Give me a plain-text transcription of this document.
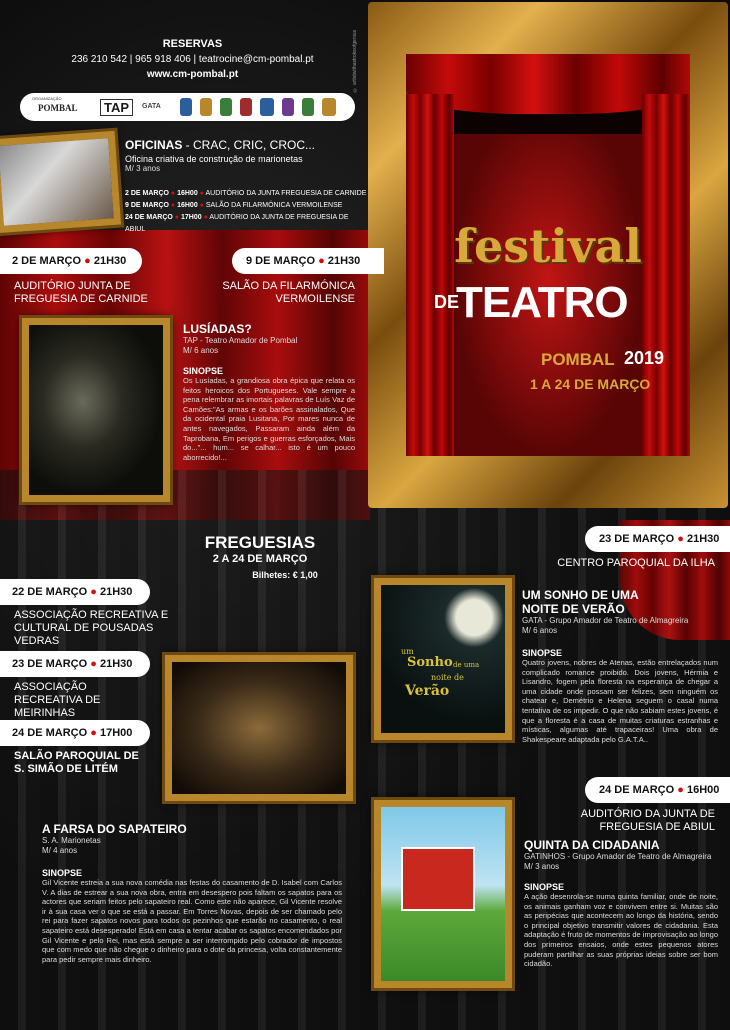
RESERVAS
236 210 542 | 965 918 406 | teatrocine@cm-pombal.pt
www.cm-pombal.pt	© artistwithastrokeofgenius
ORGANIZAÇÃO
POMBAL	TAP	GATA
OFICINAS - CRAC, CRIC, CROC...
Oficina criativa de construção de marionetas
M/ 3 anos
2 DE MARÇO ● 16H00 ● AUDITÓRIO DA JUNTA FREGUESIA DE CARNIDE
9 DE MARÇO ● 16H00 ● SALÃO DA FILARMÓNICA VERMOILENSE
24 DE MARÇO ● 17H00 ● AUDITÓRIO DA JUNTA DE FREGUESIA DE ABIUL	festival
DE
TEATRO
POMBAL 2019
1 A 24 DE MARÇO
2 DE MARÇO ● 21H30
AUDITÓRIO JUNTA DE FREGUESIA DE CARNIDE
9 DE MARÇO ● 21H30
SALÃO DA FILARMÓNICA VERMOILENSE
LUSÍADAS?
TAP - Teatro Amador de Pombal
M/ 6 anos
SINOPSE
Os Lusíadas, a grandiosa obra épica que relata os feitos heroicos dos Portugueses. Vale sempre a pena relembrar as imortais palavras de Luís Vaz de Camões:"As armas e os barões assinalados, Que da ocidental praia Lusitana, Por mares nunca de antes navegados, Passaram ainda além da Taprobana, Em perigos e guerras esforçados, Mais do..."... hum... se calhar... isto é um pouco aborrecido!...
FREGUESIAS
2 A 24 DE MARÇO
Bilhetes: € 1,00
22 DE MARÇO ● 21H30
ASSOCIAÇÃO RECREATIVA E CULTURAL DE POUSADAS VEDRAS
23 DE MARÇO ● 21H30
ASSOCIAÇÃO RECREATIVA DE MEIRINHAS
24 DE MARÇO ● 17H00
SALÃO PAROQUIAL DE S. SIMÃO DE LITÉM
A FARSA DO SAPATEIRO
S. A. Marionetas
M/ 4 anos
SINOPSE
Gil Vicente estreia a sua nova comédia nas festas do casamento de D. Isabel com Carlos V. A dias de estrear a sua nova obra, entra em desespero pois faltam os sapatos para os actores que seriam feitos pelo sapateiro real. Como este não aparece, Gil Vicente resolve ir à sua casa ver o que se está a passar. Em Torres Novas, depois de ser chamado pelo rei para fazer sapatos novos para todos os pezinhos que estarão no casamento, o real sapateiro está desesperado! Está em casa a tentar acabar os sapatos encomendados por Gil Vicente e pelo Rei, mas está sempre a ser interrompido pelo cobrador de impostos que com medo que não chegue o dinheiro para o dote da princesa, volta constantemente para pedir sempre mais dinheiro.
23 DE MARÇO ● 21H30
CENTRO PAROQUIAL DA ILHA
um
Sonho de uma
noite de
Verão
UM SONHO DE UMA NOITE DE VERÃO
GATA - Grupo Amador de Teatro de Almagreira
M/ 6 anos
SINOPSE
Quatro jovens, nobres de Atenas, estão entrelaçados num complicado romance proibido. Dois jovens, Hérmia e Lisandro, fogem pela floresta na esperança de chegar a uma cidade onde possam ser felizes, sem ninguém os chatear e, Demétrio e Helena seguem o casal numa tentativa de os impedir. O que não sabiam estes jovens, é que a floresta é a casa de muitas criaturas estranhas e místicas, algumas até trapaceiras! Uma obra de Shakespeare adaptada pelo G.A.T.A..
24 DE MARÇO ● 16H00
AUDITÓRIO DA JUNTA DE FREGUESIA DE ABIUL
QUINTA DA CIDADANIA
GATINHOS - Grupo Amador de Teatro de Almagreira
M/ 3 anos
SINOPSE
A ação desenrola-se numa quinta familiar, onde de noite, os animais ganham voz e convivem entre si. Muitas são as peripécias que acontecem ao longo da história, sendo o principal objetivo transmitir valores de cidadania. Esta adaptação é fruto de momentos de improvisação ao longo dos primeiros ensaios, onde estes pequenos atores puderam partilhar as suas próprias ideias sobre ser bom cidadão.
